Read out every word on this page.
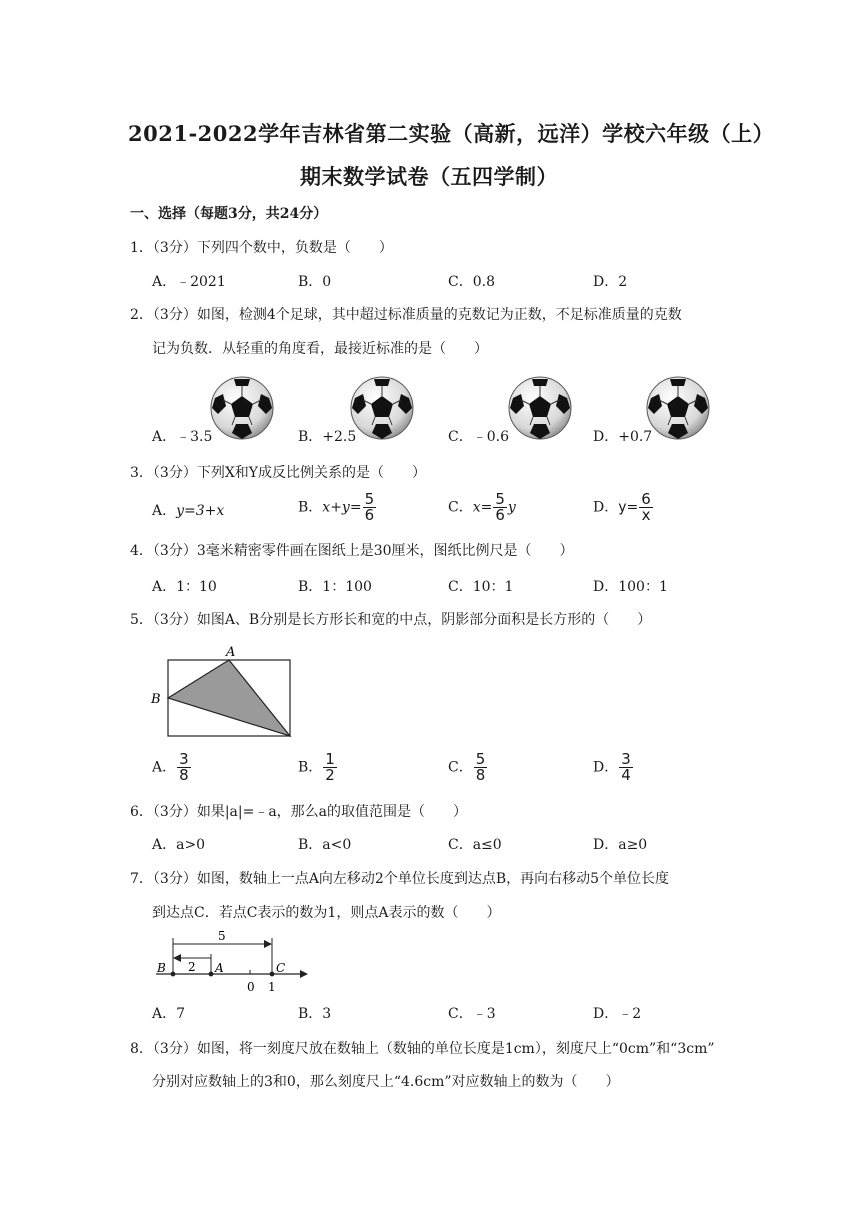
2021-2022学年吉林省第二实验（高新，远洋）学校六年级（上）
期末数学试卷（五四学制）
一、选择（每题3分，共24分）
1．（3分）下列四个数中，负数是（　　）
A．﹣2021	B．0	C．0.8	D．2
2．（3分）如图，检测4个足球，其中超过标准质量的克数记为正数，不足标准质量的克数
记为负数．从轻重的角度看，最接近标准的是（　　）
A．﹣3.5	B．+2.5	C．﹣0.6	D．+0.7
3．（3分）下列X和Y成反比例关系的是（　　）
A．y=3+x	B．$x+y= \frac{5}{6}$	C．$x= \frac{5}{6}$ y	D．$y= \frac{6}{x}$
4．（3分）3毫米精密零件画在图纸上是30厘米，图纸比例尺是（　　）
A．1：10	B．1：100	C．10：1	D．100：1
5．（3分）如图A、B分别是长方形长和宽的中点，阴影部分面积是长方形的（　　）
A
B
A． $\frac{3}{8}$	B． $\frac{1}{2}$	C． $\frac{5}{8}$	D． $\frac{3}{4}$
6．（3分）如果|a|=﹣a，那么a的取值范围是（　　）
A．a>0	B．a<0	C．a≤0	D．a≥0
7．（3分）如图，数轴上一点A向左移动2个单位长度到达点B，再向右移动5个单位长度
到达点C．若点C表示的数为1，则点A表示的数（　　）
5
2
B	A	C
0 1
A．7	B．3	C．﹣3	D．﹣2
8．（3分）如图，将一刻度尺放在数轴上（数轴的单位长度是1cm），刻度尺上“0cm”和“3cm”
分别对应数轴上的3和0，那么刻度尺上“4.6cm”对应数轴上的数为（　　）
